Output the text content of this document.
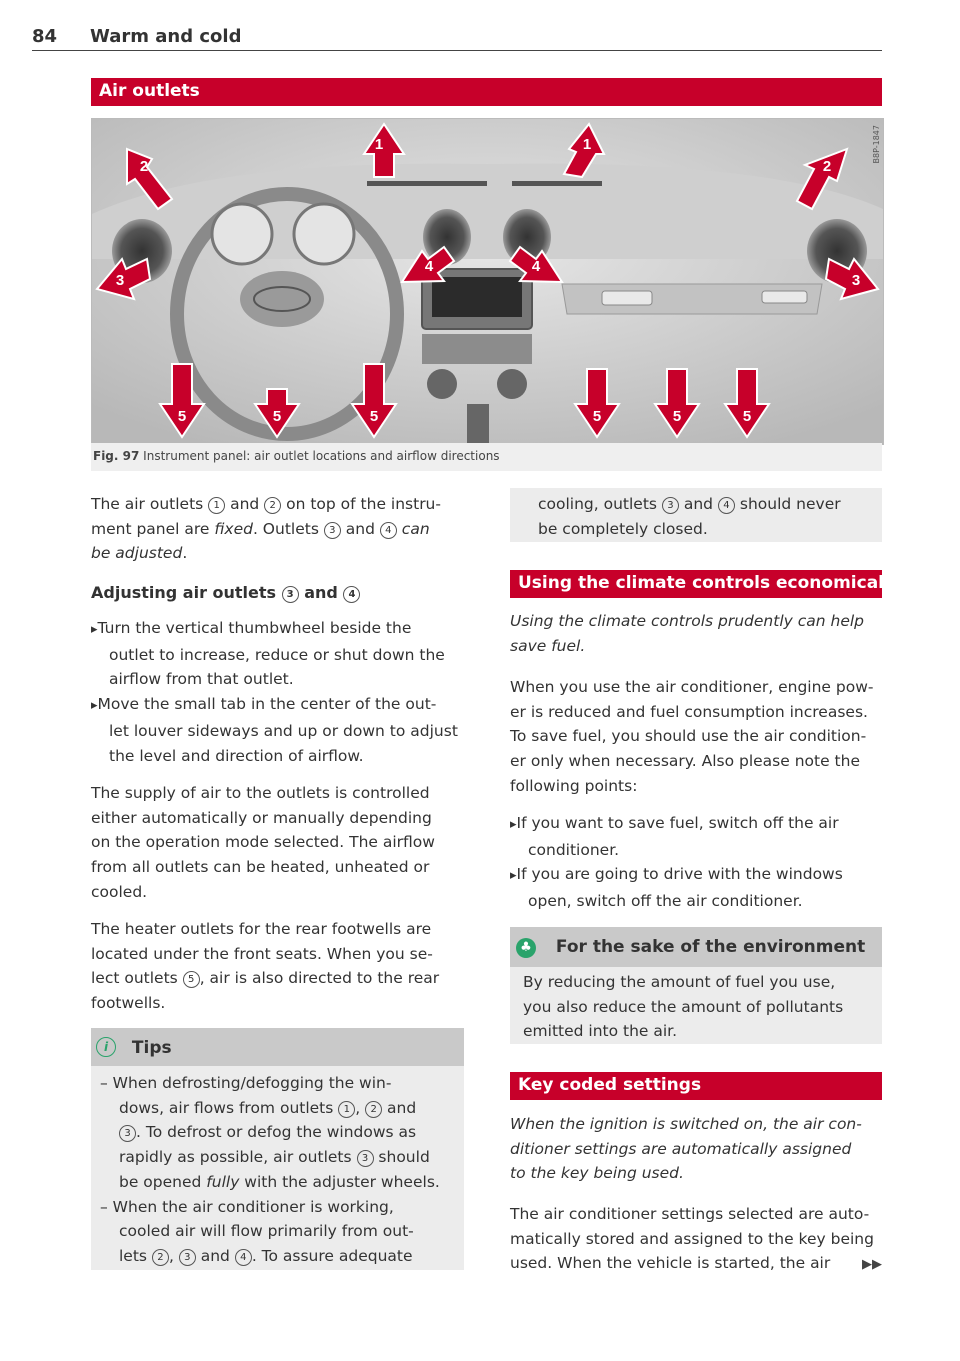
84 Warm and cold
Air outlets
1	1
2	2
3	3
4	4
5	5	5	5	5	5
B8P-1847
Fig. 97 Instrument panel: air outlet locations and airflow directions

The air outlets 1 and 2 on top of the instru-

ment panel are fixed. Outlets 3 and 4 can

be adjusted.

Adjusting air outlets 3 and 4

▸ Turn the vertical thumbwheel beside the
outlet to increase, reduce or shut down the
airflow from that outlet.

▸ Move the small tab in the center of the out-
let louver sideways and up or down to adjust
the level and direction of airflow.

The supply of air to the outlets is controlled

either automatically or manually depending

on the operation mode selected. The airflow

from all outlets can be heated, unheated or

cooled.

The heater outlets for the rear footwells are

located under the front seats. When you se-

lect outlets 5 , air is also directed to the rear

footwells.

i Tips

– When defrosting/defogging the win-

dows, air flows from outlets 1 , 2 and

3 . To defrost or defog the windows as

rapidly as possible, air outlets 3 should

be opened fully with the adjuster wheels.

– When the air conditioner is working,

cooled air will flow primarily from out-

lets 2 , 3 and 4 . To assure adequate

cooling, outlets 3 and 4 should never

be completely closed.

Using the climate controls economically

Using the climate controls prudently can help

save fuel.

When you use the air conditioner, engine pow-

er is reduced and fuel consumption increases.

To save fuel, you should use the air condition-

er only when necessary. Also please note the

following points:

▸ If you want to save fuel, switch off the air
conditioner.

▸ If you are going to drive with the windows
open, switch off the air conditioner.

♣ For the sake of the environment

By reducing the amount of fuel you use,

you also reduce the amount of pollutants

emitted into the air.

Key coded settings

When the ignition is switched on, the air con-

ditioner settings are automatically assigned

to the key being used.

The air conditioner settings selected are auto-

matically stored and assigned to the key being

used. When the vehicle is started, the air	▶▶
